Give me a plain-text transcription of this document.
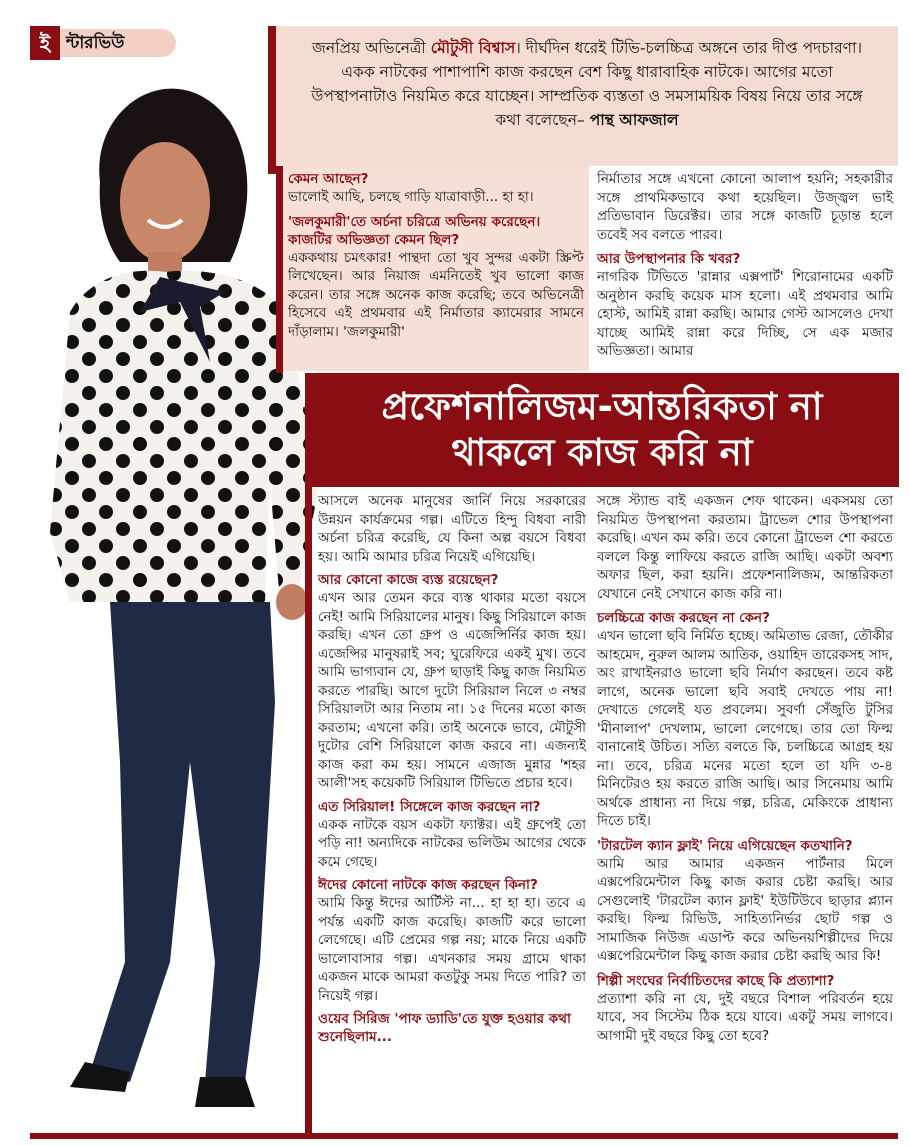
ই ন্টারভিউ	জনপ্রিয় অভিনেত্রী মৌটুসী বিশ্বাস। দীর্ঘদিন ধরেই টিভি-চলচ্চিত্র অঙ্গনে তার দীপ্ত পদচারণা। একক নাটকের পাশাপাশি কাজ করছেন বেশ কিছু ধারাবাহিক নাটকে। আগের মতো উপস্থাপনাটাও নিয়মিত করে যাচ্ছেন। সাম্প্রতিক ব্যস্ততা ও সমসাময়িক বিষয় নিয়ে তার সঙ্গে কথা বলেছেন– পান্থ আফজাল

কেমন আছেন?
ভালোই আছি, চলছে গাড়ি যাত্রাবাড়ী... হা হা।
'জলকুমারী'তে অর্চনা চরিত্রে অভিনয় করেছেন। কাজটির অভিজ্ঞতা কেমন ছিল?
এককথায় চমৎকার! পান্থদা তো খুব সুন্দর একটা স্ক্রিপ্ট লিখেছেন। আর নিয়াজ এমনিতেই খুব ভালো কাজ করেন। তার সঙ্গে অনেক কাজ করেছি; তবে অভিনেত্রী হিসেবে এই প্রথমবার এই নির্মাতার ক্যামেরার সামনে দাঁড়ালাম। 'জলকুমারী'
নির্মাতার সঙ্গে এখনো কোনো আলাপ হয়নি; সহকারীর সঙ্গে প্রাথমিকভাবে কথা হয়েছিল। উজ্জ্বল ভাই প্রতিভাবান ডিরেক্টর। তার সঙ্গে কাজটি চূড়ান্ত হলে তবেই সব বলতে পারব।
আর উপস্থাপনার কি খবর?
নাগরিক টিভিতে 'রান্নার এক্সপার্ট' শিরোনামের একটি অনুষ্ঠান করছি কয়েক মাস হলো। এই প্রথমবার আমি হোস্ট, আমিই রান্না করছি। আমার গেস্ট আসলেও দেখা যাচ্ছে আমিই রান্না করে দিচ্ছি, সে এক মজার অভিজ্ঞতা। আমার
প্রফেশনালিজম-আন্তরিকতা না
থাকলে কাজ করি না
আসলে অনেক মানুষের জার্নি নিয়ে সরকারের উন্নয়ন কার্যক্রমের গল্প। এটিতে হিন্দু বিধবা নারী অর্চনা চরিত্র করেছি, যে কিনা অল্প বয়সে বিধবা হয়। আমি আমার চরিত্র নিয়েই এগিয়েছি।
আর কোনো কাজে ব্যস্ত রয়েছেন?
এখন আর তেমন করে ব্যস্ত থাকার মতো বয়সে নেই! আমি সিরিয়ালের মানুষ। কিছু সিরিয়ালে কাজ করছি। এখন তো গ্রুপ ও এজেন্সির্নির কাজ হয়। এজেন্সির মানুষরাই সব; ঘুরেফিরে একই মুখ। তবে আমি ভাগ্যবান যে, গ্রুপ ছাড়াই কিছু কাজ নিয়মিত করতে পারছি। আগে দুটো সিরিয়াল নিলে ৩ নম্বর সিরিয়ালটা আর নিতাম না। ১৫ দিনের মতো কাজ করতাম; এখনো করি। তাই অনেকে ভাবে, মৌটুসী দুটোর বেশি সিরিয়ালে কাজ করবে না। এজন্যই কাজ করা কম হয়। সামনে এজাজ মুন্নার 'শহর আলী'সহ কয়েকটি সিরিয়াল টিভিতে প্রচার হবে।
এত সিরিয়াল! সিঙ্গেলে কাজ করছেন না?
একক নাটকে বয়স একটা ফ্যাক্টর। এই গ্রুপেই তো পড়ি না! অন্যদিকে নাটকের ভলিউম আগের থেকে কমে গেছে।
ঈদের কোনো নাটকে কাজ করছেন কিনা?
আমি কিন্তু ঈদের আর্টিস্ট না... হা হা হা। তবে এ পর্যন্ত একটি কাজ করেছি। কাজটি করে ভালো লেগেছে। এটি প্রেমের গল্প নয়; মাকে নিয়ে একটি ভালোবাসার গল্প। এখনকার সময় গ্রামে থাকা একজন মাকে আমরা কতটুকু সময় দিতে পারি? তা নিয়েই গল্প।
ওয়েব সিরিজ 'পাফ ড্যাডি'তে যুক্ত হওয়ার কথা শুনেছিলাম...
সঙ্গে স্ট্যান্ড বাই একজন শেফ থাকেন। একসময় তো নিয়মিত উপস্থাপনা করতাম। ট্রাভেল শোর উপস্থাপনা করেছি। এখন কম করি। তবে কোনো ট্রাভেল শো করতে বললে কিন্তু লাফিয়ে করতে রাজি আছি। একটা অবশ্য অফার ছিল, করা হয়নি। প্রফেশনালিজম, আন্তরিকতা যেখানে নেই সেখানে কাজ করি না।
চলচ্চিত্রে কাজ করছেন না কেন?
এখন ভালো ছবি নির্মিত হচ্ছে। অমিতাভ রেজা, তৌকীর আহমেদ, নুরুল আলম আতিক, ওয়াহিদ তারেকসহ সাদ, অং রাখাইনরাও ভালো ছবি নির্মাণ করছেন। তবে কষ্ট লাগে, অনেক ভালো ছবি সবাই দেখতে পায় না! দেখাতে গেলেই যত প্রবলেম। সুবর্ণা সেঁজুতি টুসির 'মীনালাপ' দেখলাম, ভালো লেগেছে। তার তো ফিল্ম বানানোই উচিত। সত্যি বলতে কি, চলচ্চিত্রে আগ্রহ হয় না। তবে, চরিত্র মনের মতো হলে তা যদি ৩-৪ মিনিটেরও হয় করতে রাজি আছি। আর সিনেমায় আমি অর্থকে প্রাধান্য না দিয়ে গল্প, চরিত্র, মেকিংকে প্রাধান্য দিতে চাই।
'টারটেল ক্যান ফ্লাই' নিয়ে এগিয়েছেন কতখানি?
আমি আর আমার একজন পার্টনার মিলে এক্সপেরিমেন্টাল কিছু কাজ করার চেষ্টা করছি। আর সেগুলোই 'টারটেল ক্যান ফ্লাই' ইউটিউবে ছাড়ার প্ল্যান করছি। ফিল্ম রিভিউ, সাহিত্যনির্ভর ছোট গল্প ও সামাজিক নিউজ এডাপ্ট করে অভিনয়শিল্পীদের দিয়ে এক্সপেরিমেন্টাল কিছু কাজ করার চেষ্টা করছি আর কি!
শিল্পী সংঘের নির্বাচিতদের কাছে কি প্রত্যাশা?
প্রত্যাশা করি না যে, দুই বছরে বিশাল পরিবর্তন হয়ে যাবে, সব সিস্টেম ঠিক হয়ে যাবে। একটু সময় লাগবে। আগামী দুই বছরে কিছু তো হবে?
